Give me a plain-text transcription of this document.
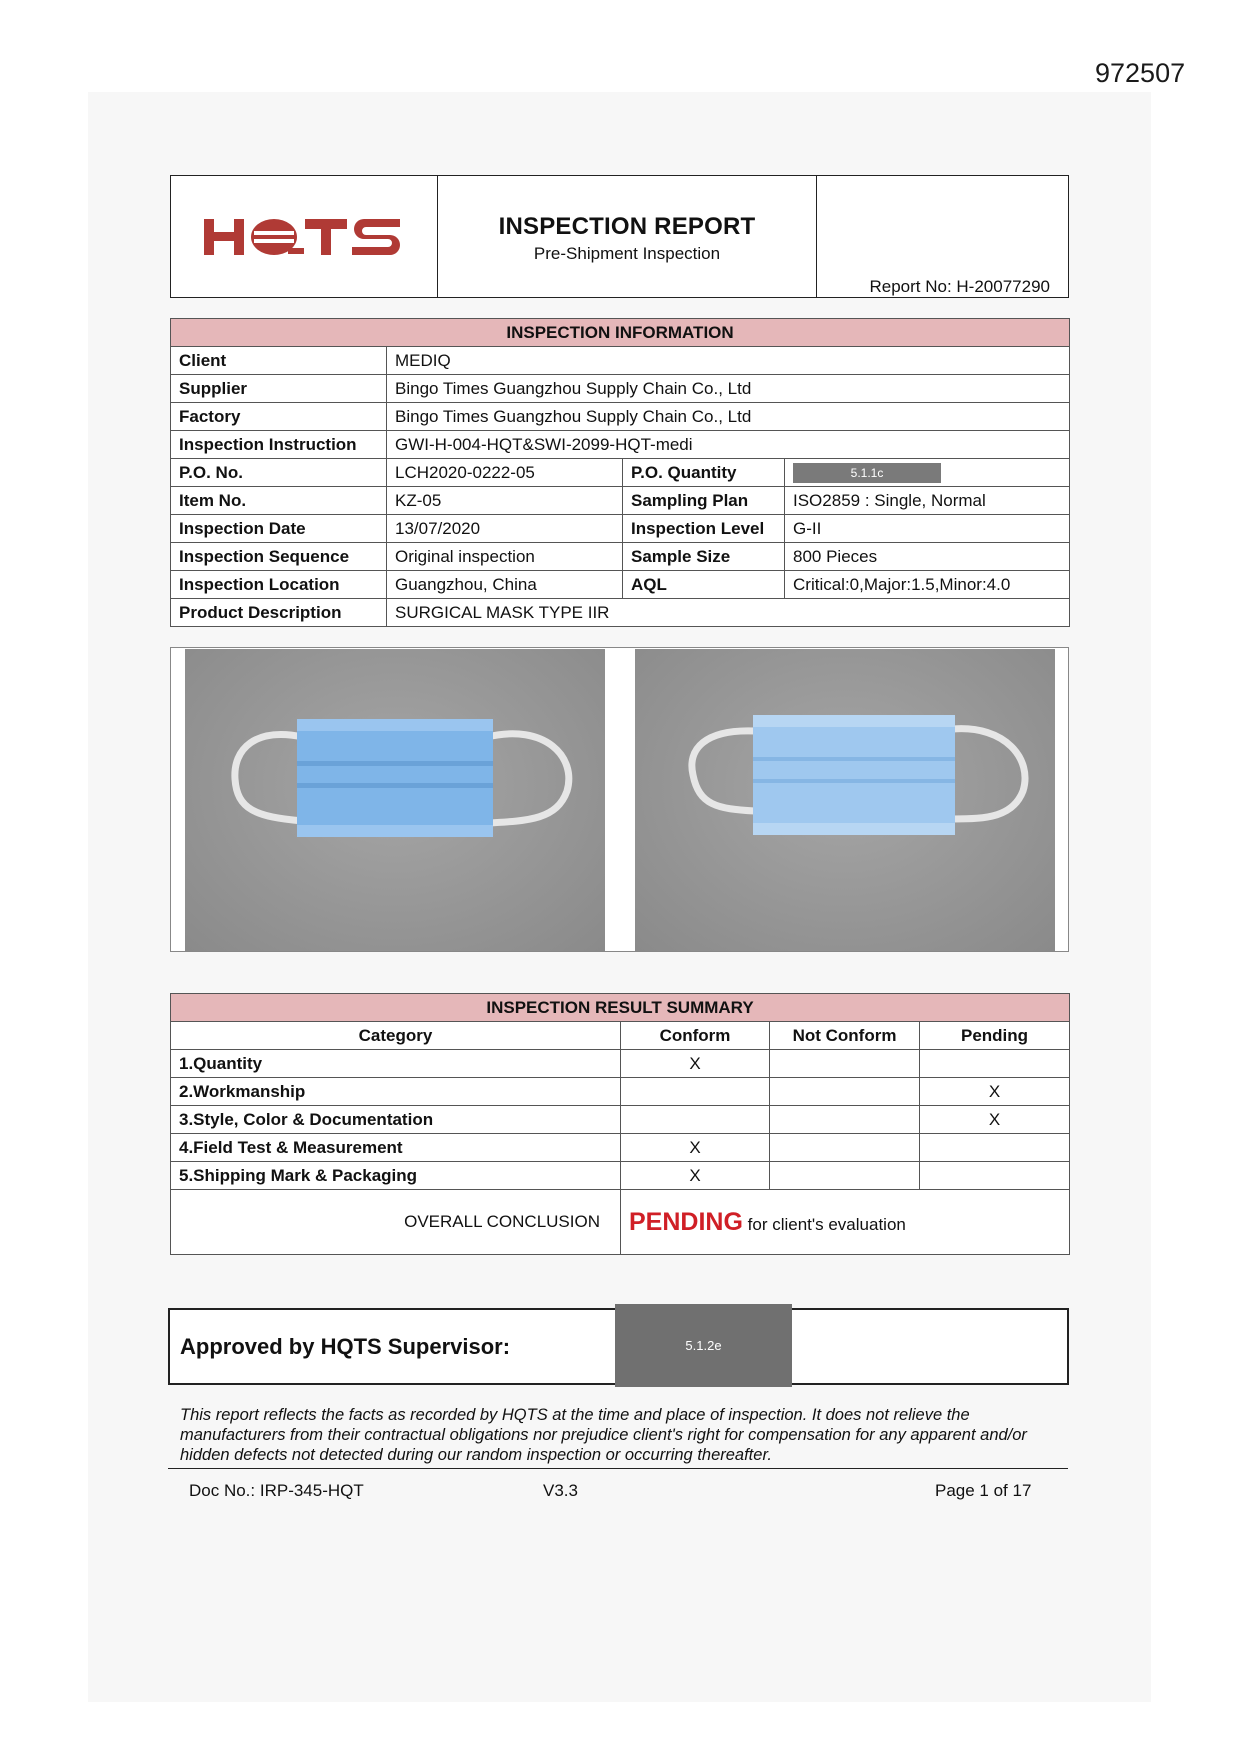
972507
INSPECTION REPORT
Pre-Shipment Inspection
Report No: H-20077290
INSPECTION INFORMATION			
Client	MEDIQ		
Supplier	Bingo Times Guangzhou Supply Chain Co., Ltd		
Factory	Bingo Times Guangzhou Supply Chain Co., Ltd		
Inspection Instruction	GWI-H-004-HQT&SWI-2099-HQT-medi		
P.O. No.	LCH2020-0222-05	P.O. Quantity	5.1.1c
Item No.	KZ-05	Sampling Plan	ISO2859 : Single, Normal
Inspection Date	13/07/2020	Inspection Level	G-II
Inspection Sequence	Original inspection	Sample Size	800 Pieces
Inspection Location	Guangzhou, China	AQL	Critical:0,Major:1.5,Minor:4.0
Product Description	SURGICAL MASK TYPE IIR		
INSPECTION RESULT SUMMARY			
Category	Conform	Not Conform	Pending
1.Quantity	X		
2.Workmanship			X
3.Style, Color & Documentation			X
4.Field Test & Measurement	X		
5.Shipping Mark & Packaging	X		
OVERALL CONCLUSION	PENDING for client's evaluation		
Approved by HQTS Supervisor:	5.1.2e
This report reflects the facts as recorded by HQTS at the time and place of inspection. It does not relieve the manufacturers from their contractual obligations nor prejudice client's right for compensation for any apparent and/or hidden defects not detected during our random inspection or occurring thereafter.
Doc No.: IRP-345-HQT	V3.3	Page 1 of 17
